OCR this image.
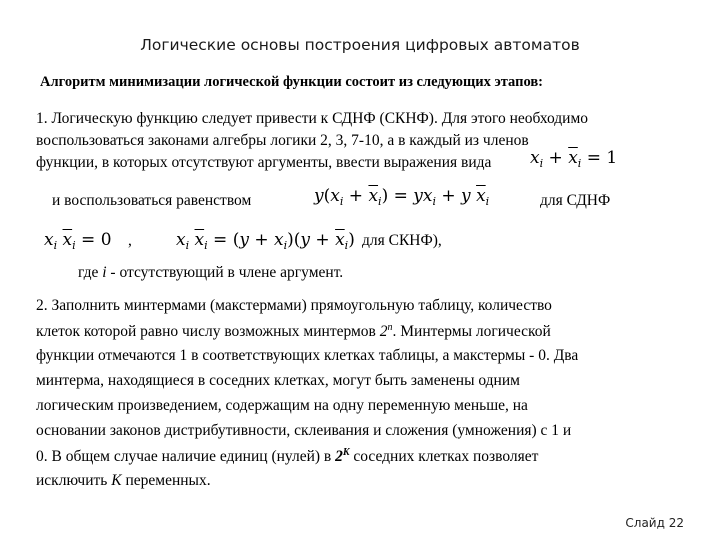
Логические основы построения цифровых автоматов
Алгоритм минимизации логической функции состоит из следующих этапов:
1. Логическую функцию следует привести к СДНФ (СКНФ). Для этого необходимо
воспользоваться законами алгебры логики 2, 3, 7-10, а в каждый из членов
функции, в которых отсутствуют аргументы, ввести выражения вида $x_i + \overline{x}_i = 1$
и воспользоваться равенством	$y(x_i + \overline{x}_i) = yx_i + y$ $\overline{x}_i$	для СДНФ
$x_i$ $\overline{x}_i = 0$ ,	$x_i$ $\overline{x}_i = (y + x_i)(y + \overline{x}_i)$ для СКНФ),
где i - отсутствующий в члене аргумент.
2. Заполнить минтермами (макстермами) прямоугольную таблицу, количество
клеток которой равно числу возможных минтермов 2$^n$. Минтермы логической
функции отмечаются 1 в соответствующих клетках таблицы, а макстермы - 0. Два
минтерма, находящиеся в соседних клетках, могут быть заменены одним
логическим произведением, содержащим на одну переменную меньше, на
основании законов дистрибутивности, склеивания и сложения (умножения) с 1 и
0. В общем случае наличие единиц (нулей) в $2^K$ соседних клетках позволяет
исключить K переменных.
Слайд 22
